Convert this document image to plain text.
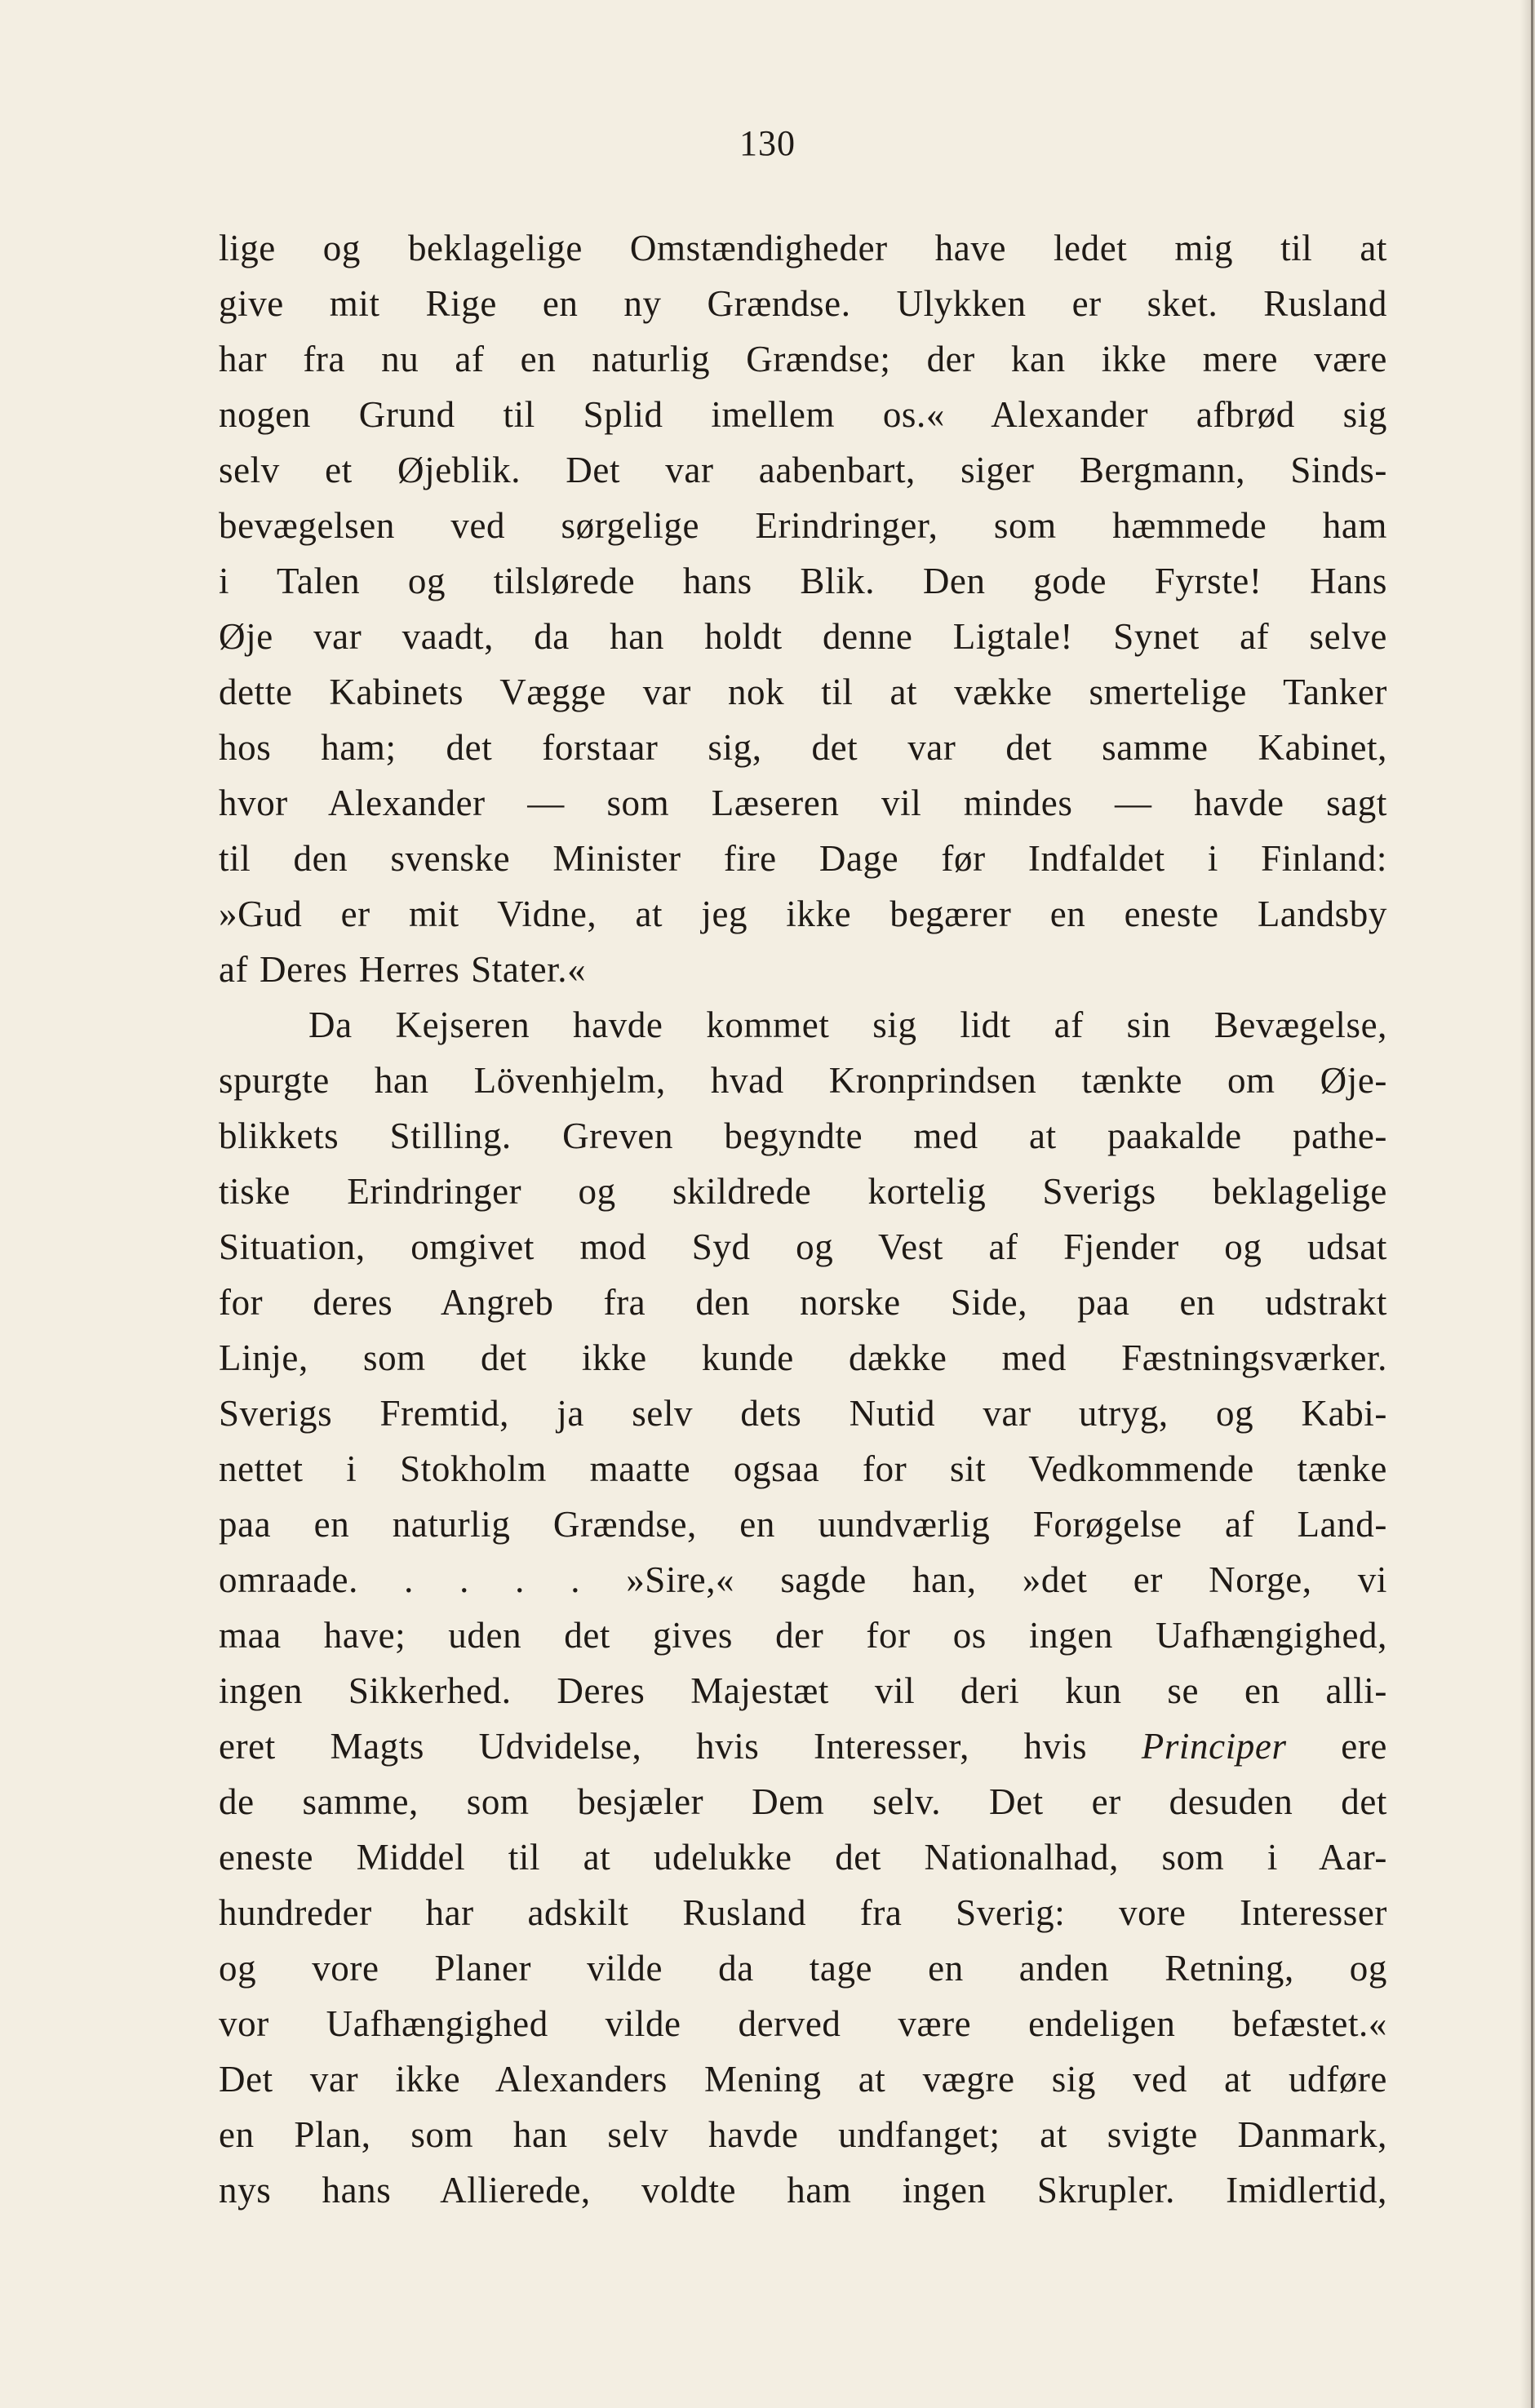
130
lige og beklagelige Omstændigheder have ledet mig til at
give mit Rige en ny Grændse. Ulykken er sket. Rusland
har fra nu af en naturlig Grændse; der kan ikke mere være
nogen Grund til Splid imellem os.« Alexander afbrød sig
selv et Øjeblik. Det var aabenbart, siger Bergmann, Sinds-
bevægelsen ved sørgelige Erindringer, som hæmmede ham
i Talen og tilslørede hans Blik. Den gode Fyrste! Hans
Øje var vaadt, da han holdt denne Ligtale! Synet af selve
dette Kabinets Vægge var nok til at vække smertelige Tanker
hos ham; det forstaar sig, det var det samme Kabinet,
hvor Alexander — som Læseren vil mindes — havde sagt
til den svenske Minister fire Dage før Indfaldet i Finland:
»Gud er mit Vidne, at jeg ikke begærer en eneste Landsby
af Deres Herres Stater.«
Da Kejseren havde kommet sig lidt af sin Bevægelse,
spurgte han Lövenhjelm, hvad Kronprindsen tænkte om Øje-
blikkets Stilling. Greven begyndte med at paakalde pathe-
tiske Erindringer og skildrede kortelig Sverigs beklagelige
Situation, omgivet mod Syd og Vest af Fjender og udsat
for deres Angreb fra den norske Side, paa en udstrakt
Linje, som det ikke kunde dække med Fæstningsværker.
Sverigs Fremtid, ja selv dets Nutid var utryg, og Kabi-
nettet i Stokholm maatte ogsaa for sit Vedkommende tænke
paa en naturlig Grændse, en uundværlig Forøgelse af Land-
omraade. . . . . »Sire,« sagde han, »det er Norge, vi
maa have; uden det gives der for os ingen Uafhængighed,
ingen Sikkerhed. Deres Majestæt vil deri kun se en alli-
eret Magts Udvidelse, hvis Interesser, hvis Principer ere
de samme, som besjæler Dem selv. Det er desuden det
eneste Middel til at udelukke det Nationalhad, som i Aar-
hundreder har adskilt Rusland fra Sverig: vore Interesser
og vore Planer vilde da tage en anden Retning, og
vor Uafhængighed vilde derved være endeligen befæstet.«
Det var ikke Alexanders Mening at vægre sig ved at udføre
en Plan, som han selv havde undfanget; at svigte Danmark,
nys hans Allierede, voldte ham ingen Skrupler. Imidlertid,
